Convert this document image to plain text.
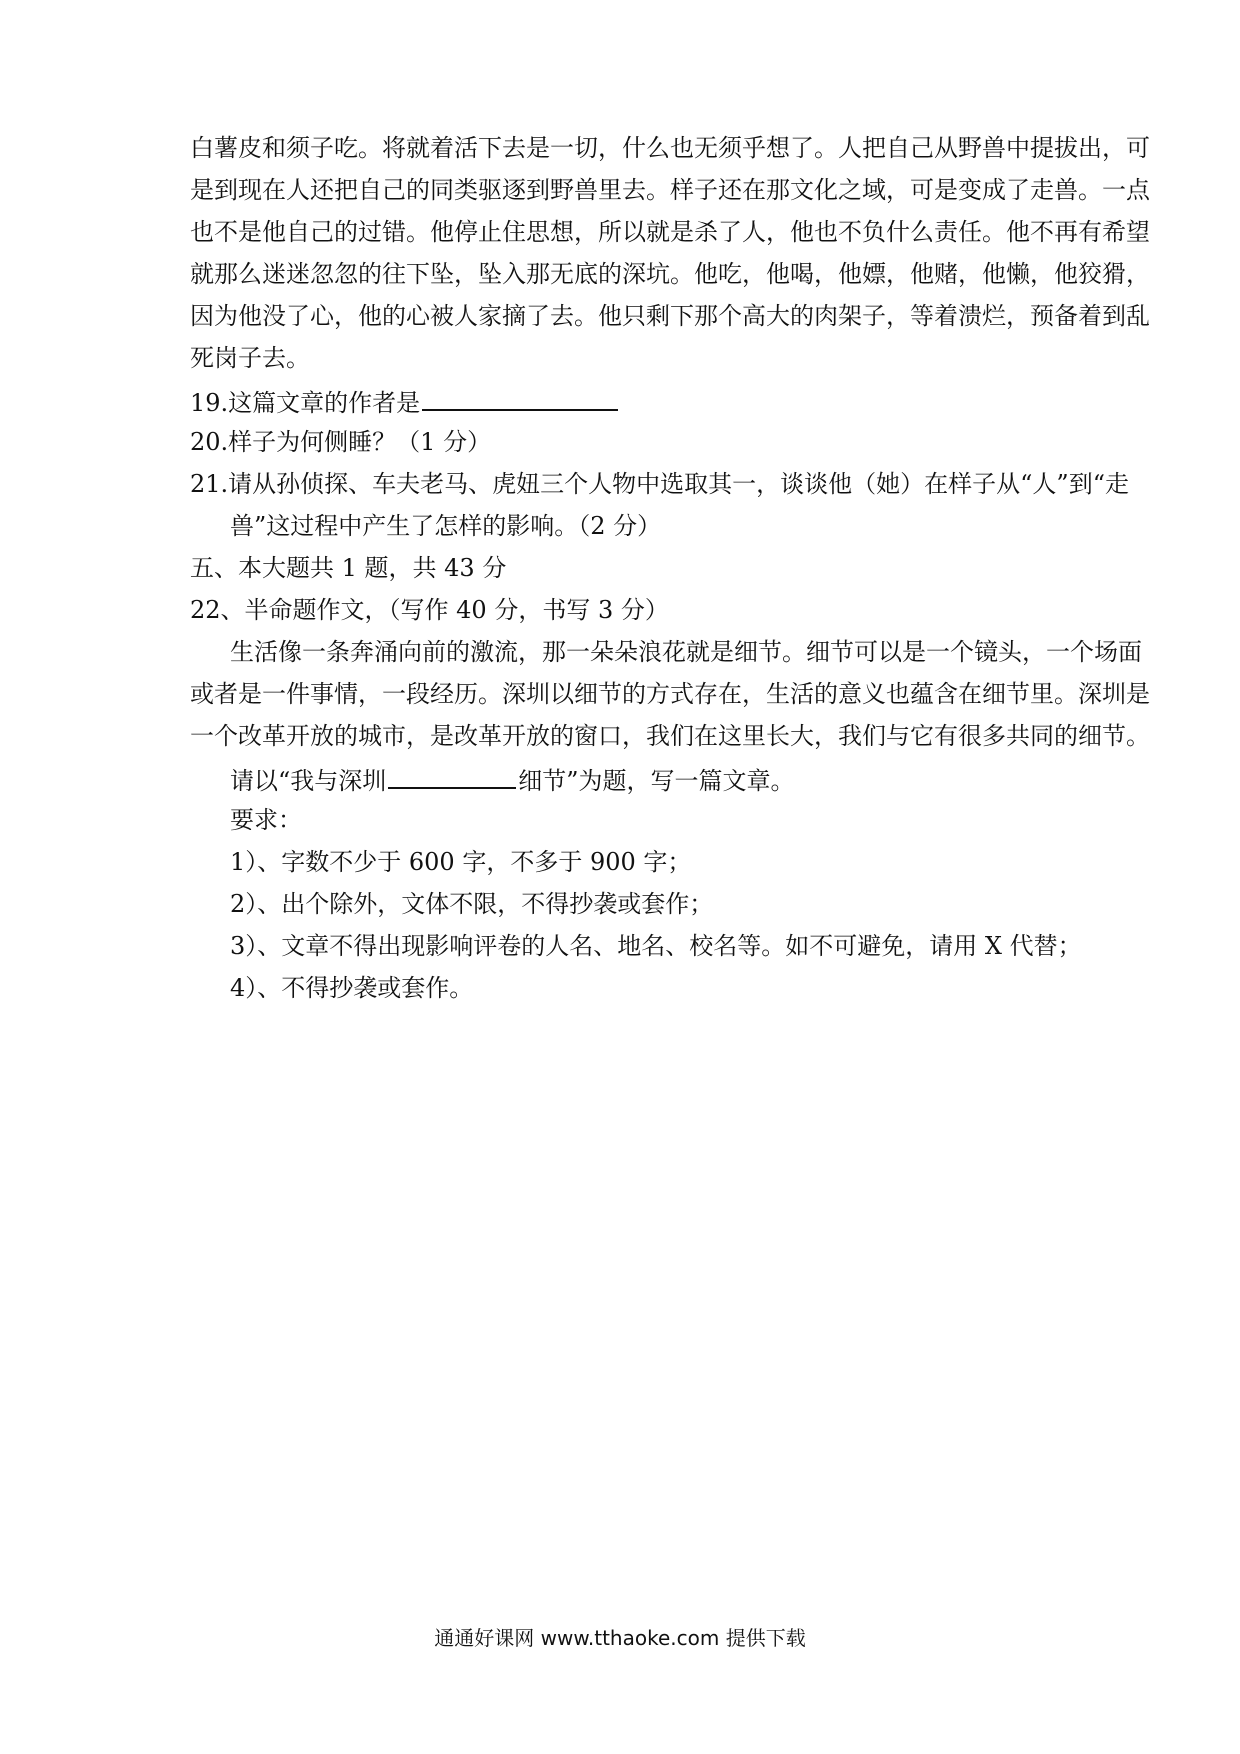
白薯皮和须子吃。将就着活下去是一切，什么也无须乎想了。人把自己从野兽中提拔出，可
是到现在人还把自己的同类驱逐到野兽里去。样子还在那文化之域，可是变成了走兽。一点
也不是他自己的过错。他停止住思想，所以就是杀了人，他也不负什么责任。他不再有希望
就那么迷迷忽忽的往下坠，坠入那无底的深坑。他吃，他喝，他嫖，他赌，他懒，他狡猾，
因为他没了心，他的心被人家摘了去。他只剩下那个高大的肉架子，等着溃烂，预备着到乱
死岗子去。
19.这篇文章的作者是
20.样子为何侧睡？（1 分）
21.请从孙侦探、车夫老马、虎妞三个人物中选取其一，谈谈他（她）在样子从“人”到“走
兽”这过程中产生了怎样的影响。（2 分）
五、本大题共 1 题，共 43 分
22、半命题作文，（写作 40 分，书写 3 分）
生活像一条奔涌向前的激流，那一朵朵浪花就是细节。细节可以是一个镜头，一个场面
或者是一件事情，一段经历。深圳以细节的方式存在，生活的意义也蕴含在细节里。深圳是
一个改革开放的城市，是改革开放的窗口，我们在这里长大，我们与它有很多共同的细节。
请以“我与深圳	细节”为题，写一篇文章。
要求：
1）、字数不少于 600 字，不多于 900 字；
2）、出个除外，文体不限，不得抄袭或套作；
3）、文章不得出现影响评卷的人名、地名、校名等。如不可避免，请用 X 代替；
4）、不得抄袭或套作。
通通好课网 www.tthaoke.com 提供下载
